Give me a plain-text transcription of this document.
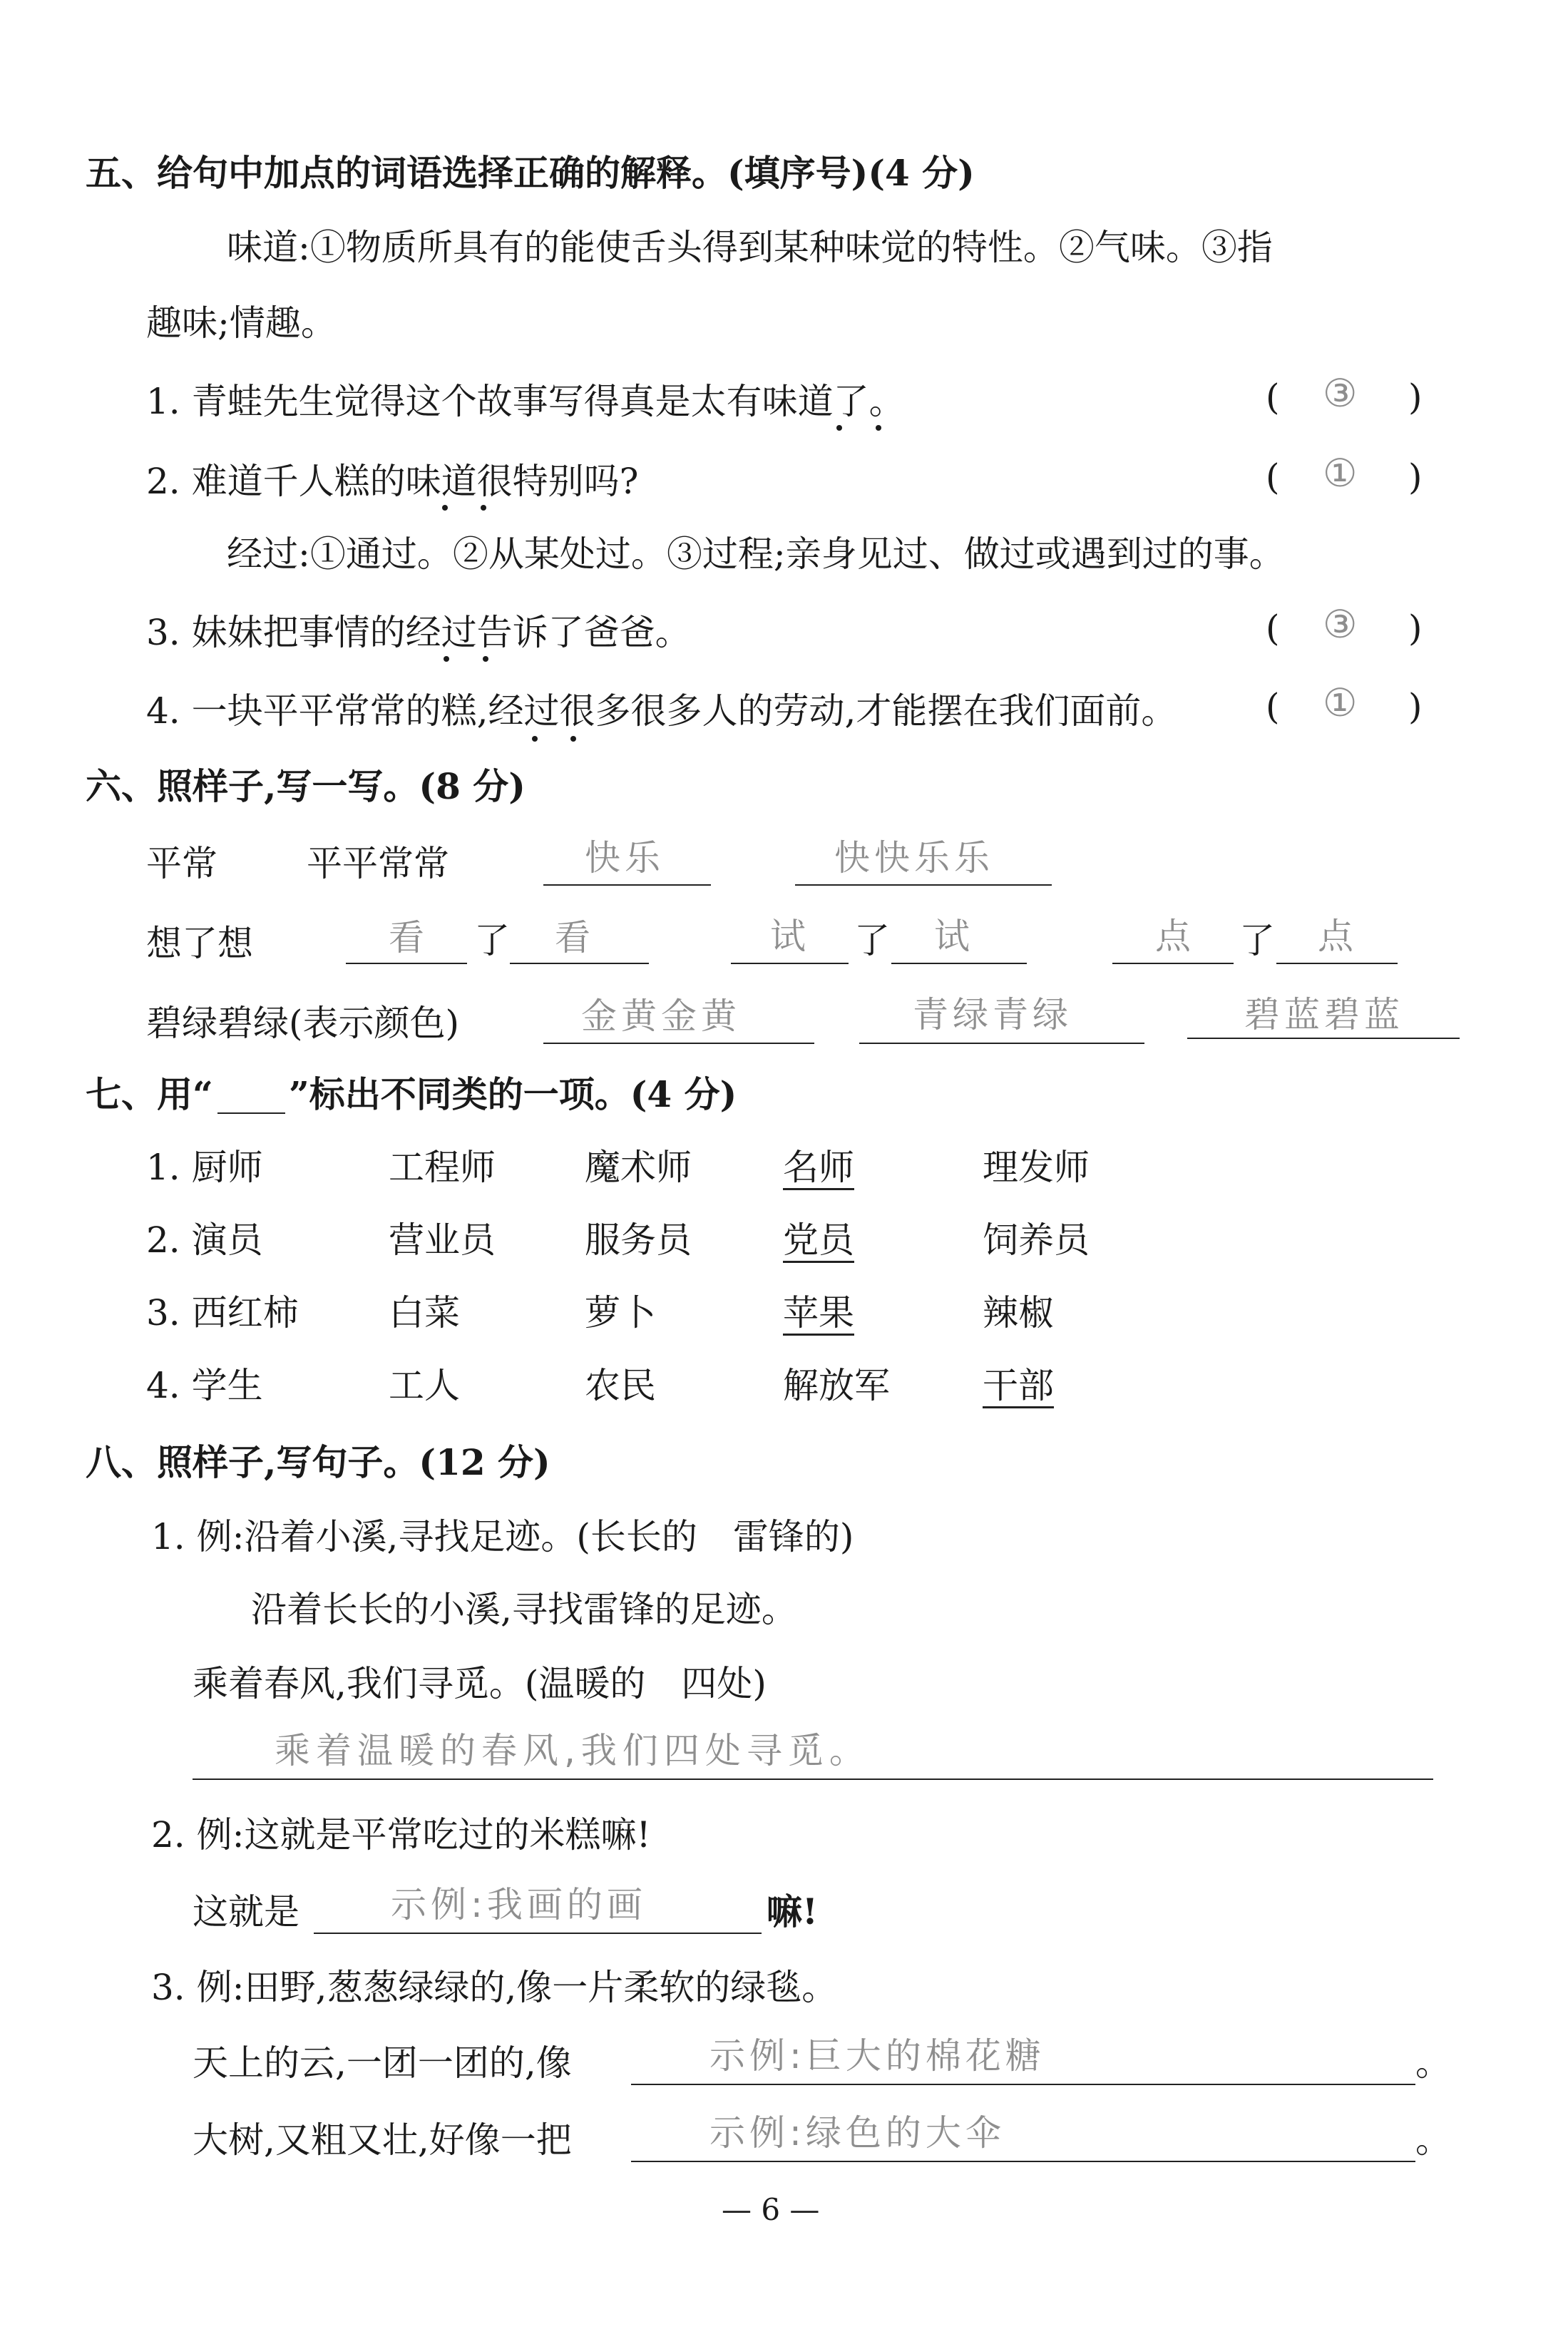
五、给句中加点的词语选择正确的解释。(填序号)(4 分)
味道:①物质所具有的能使舌头得到某种味觉的特性。②气味。③指
趣味;情趣。
1. 青蛙先生觉得这个故事写得真是太有味道了。	( ③ )
2. 难道千人糕的味道很特别吗?	( ① )
经过:①通过。②从某处过。③过程;亲身见过、做过或遇到过的事。
3. 妹妹把事情的经过告诉了爸爸。	( ③ )
4. 一块平平常常的糕,经过很多很多人的劳动,才能摆在我们面前。 ( ① )
六、照样子,写一写。(8 分)
平常	平平常常	快乐	快快乐乐
想了想	看 了 看	试 了 试	点 了 点
碧绿碧绿(表示颜色)	金黄金黄	青绿青绿	碧蓝碧蓝
七、用“ ”标出不同类的一项。(4 分)
1. 厨师	工程师	魔术师	名师	理发师
2. 演员	营业员	服务员	党员	饲养员
3. 西红柿	白菜	萝卜	苹果	辣椒
4. 学生	工人	农民	解放军	干部
八、照样子,写句子。(12 分)
1. 例:沿着小溪,寻找足迹。(长长的　雷锋的)
沿着长长的小溪,寻找雷锋的足迹。
乘着春风,我们寻觅。(温暖的　四处)
乘着温暖的春风,我们四处寻觅。
2. 例:这就是平常吃过的米糕嘛!
这就是	示例:我画的画	嘛!
3. 例:田野,葱葱绿绿的,像一片柔软的绿毯。
天上的云,一团一团的,像	示例:巨大的棉花糖	。
大树,又粗又壮,好像一把	示例:绿色的大伞	。
— 6 —
